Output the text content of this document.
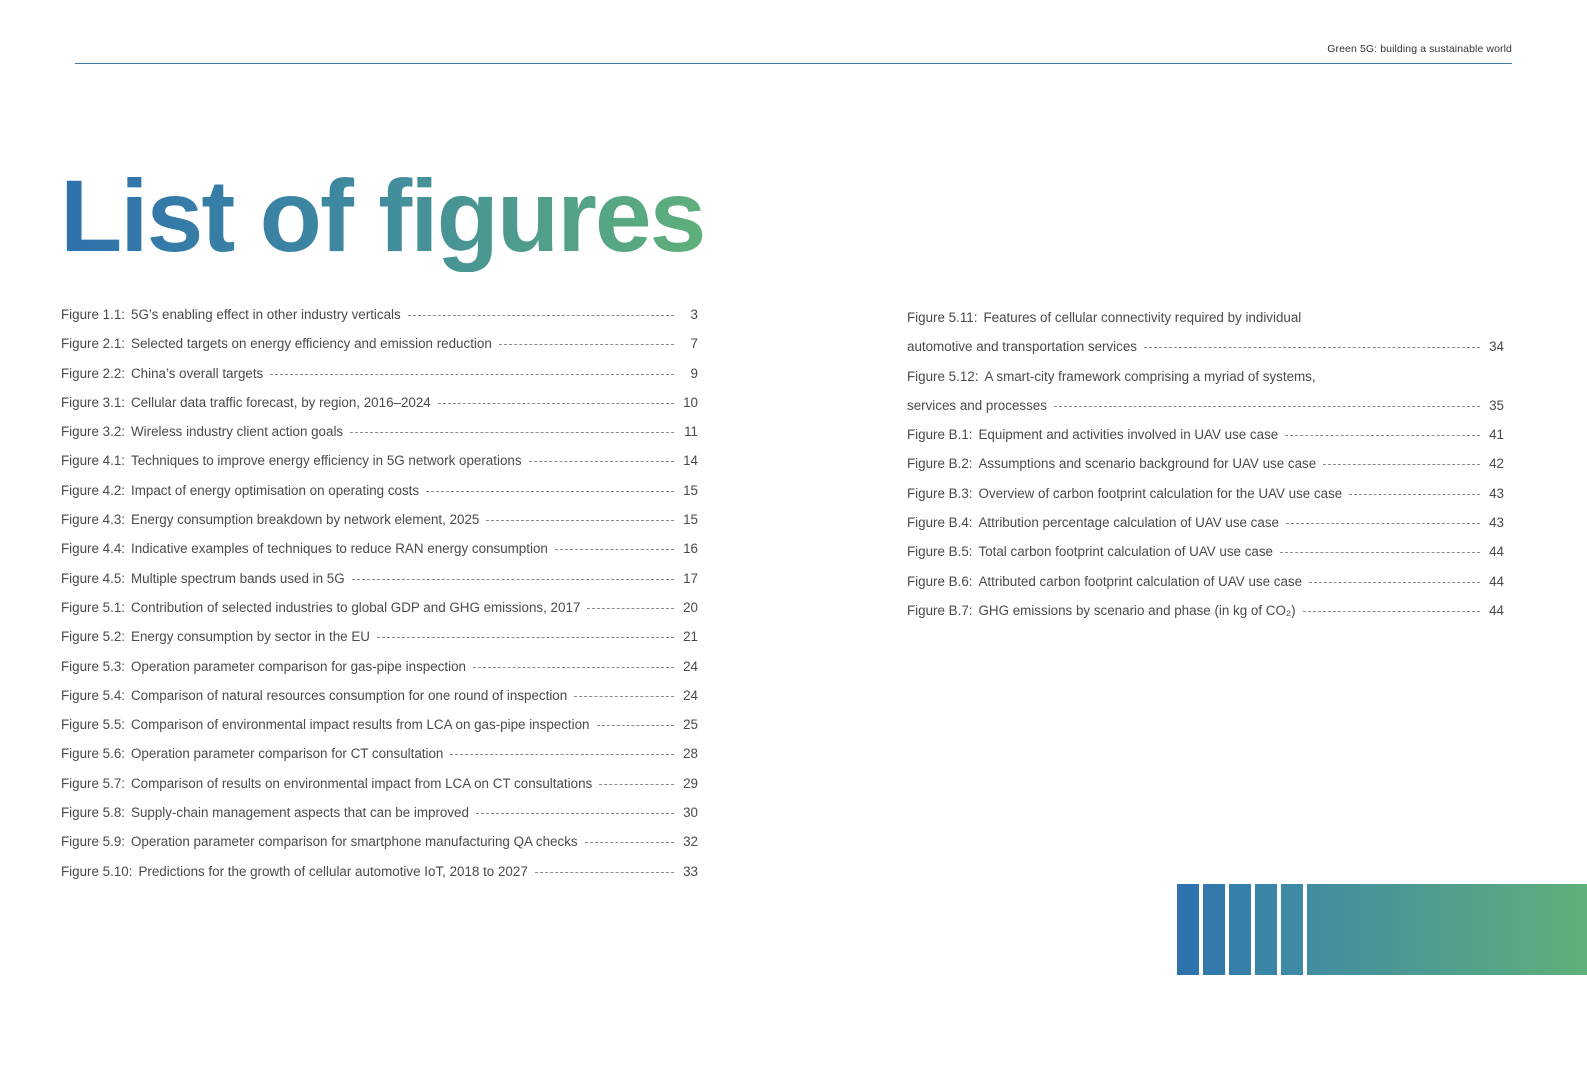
Green 5G: building a sustainable world
List of figures
Figure 1.1: 5G’s enabling effect in other industry verticals	3
Figure 2.1: Selected targets on energy efficiency and emission reduction	7
Figure 2.2: China’s overall targets	9
Figure 3.1: Cellular data traffic forecast, by region, 2016–2024	10
Figure 3.2: Wireless industry client action goals	11
Figure 4.1: Techniques to improve energy efficiency in 5G network operations	14
Figure 4.2: Impact of energy optimisation on operating costs	15
Figure 4.3: Energy consumption breakdown by network element, 2025	15
Figure 4.4: Indicative examples of techniques to reduce RAN energy consumption	16
Figure 4.5: Multiple spectrum bands used in 5G	17
Figure 5.1: Contribution of selected industries to global GDP and GHG emissions, 2017	20
Figure 5.2: Energy consumption by sector in the EU	21
Figure 5.3: Operation parameter comparison for gas-pipe inspection	24
Figure 5.4: Comparison of natural resources consumption for one round of inspection	24
Figure 5.5: Comparison of environmental impact results from LCA on gas-pipe inspection	25
Figure 5.6: Operation parameter comparison for CT consultation	28
Figure 5.7: Comparison of results on environmental impact from LCA on CT consultations	29
Figure 5.8: Supply-chain management aspects that can be improved	30
Figure 5.9: Operation parameter comparison for smartphone manufacturing QA checks	32
Figure 5.10: Predictions for the growth of cellular automotive IoT, 2018 to 2027	33
Figure 5.11: Features of cellular connectivity required by individual
automotive and transportation services	34
Figure 5.12: A smart-city framework comprising a myriad of systems,
services and processes	35
Figure B.1: Equipment and activities involved in UAV use case	41
Figure B.2: Assumptions and scenario background for UAV use case	42
Figure B.3: Overview of carbon footprint calculation for the UAV use case	43
Figure B.4: Attribution percentage calculation of UAV use case	43
Figure B.5: Total carbon footprint calculation of UAV use case	44
Figure B.6: Attributed carbon footprint calculation of UAV use case	44
Figure B.7: GHG emissions by scenario and phase (in kg of CO₂)	44
